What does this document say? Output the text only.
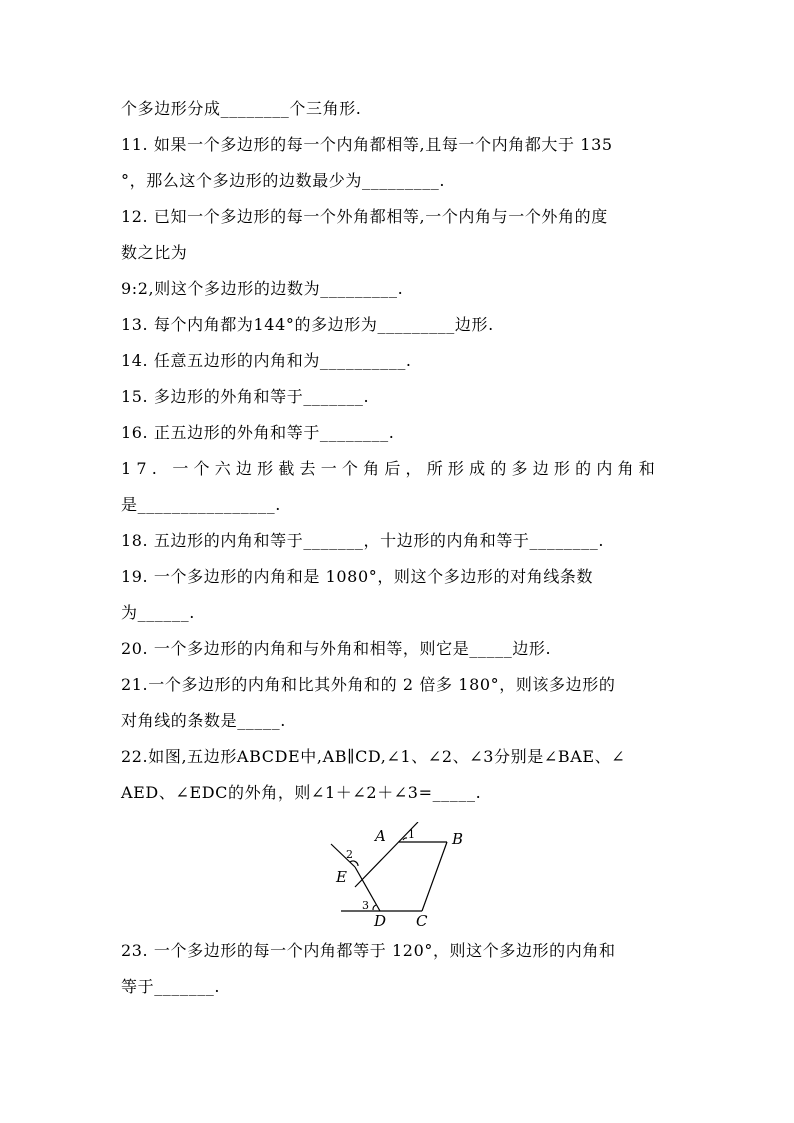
个多边形分成________个三角形.
11. 如果一个多边形的每一个内角都相等,且每一个内角都大于 135
°，那么这个多边形的边数最少为_________.
12. 已知一个多边形的每一个外角都相等,一个内角与一个外角的度
数之比为
9:2,则这个多边形的边数为_________.
13. 每个内角都为144°的多边形为_________边形.
14. 任意五边形的内角和为__________.
15. 多边形的外角和等于_______.
16. 正五边形的外角和等于________.
17. 一个六边形截去一个角后，所形成的多边形的内角和
是________________.
18. 五边形的内角和等于_______，十边形的内角和等于________.
19. 一个多边形的内角和是 1080°，则这个多边形的对角线条数
为______.
20. 一个多边形的内角和与外角和相等，则它是_____边形.
21.一个多边形的内角和比其外角和的 2 倍多 180°，则该多边形的
对角线的条数是_____.
22.如图,五边形ABCDE中,AB∥CD,∠1、∠2、∠3分别是∠BAE、∠
AED、∠EDC的外角，则∠1＋∠2＋∠3=_____.
A	B
C
D
E
1
2
3
23. 一个多边形的每一个内角都等于 120°，则这个多边形的内角和
等于_______.
